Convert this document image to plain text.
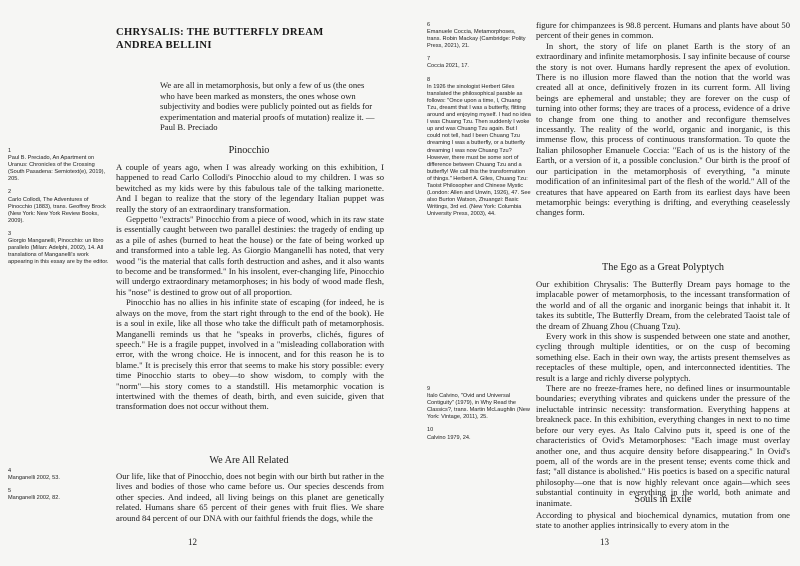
CHRYSALIS: THE BUTTERFLY DREAM
ANDREA BELLINI
We are all in metamorphosis, but only a few of us (the ones who have been marked as monsters, the ones whose own subjectivity and bodies were publicly pointed out as fields for experimentation and material proofs of mutation) realize it. —Paul B. Preciado
1
Paul B. Preciado, An Apartment on Uranus: Chronicles of the Crossing (South Pasadena: Semiotext(e), 2019), 205.
2
Carlo Collodi, The Adventures of Pinocchio (1883), trans. Geoffrey Brock (New York: New York Review Books, 2009).
3
Giorgio Manganelli, Pinocchio: un libro parallelo (Milan: Adelphi, 2002), 14. All translations of Manganelli's work appearing in this essay are by the editor.
4
Manganelli 2002, 53.
5
Manganelli 2002, 82.
Pinocchio

A couple of years ago, when I was already working on this exhibition, I happened to read Carlo Collodi's Pinocchio aloud to my children. I was so bewitched as my kids were by this fabulous tale of the talking marionette. And I began to realize that the story of the legendary Italian puppet was really the story of an extraordinary transformation.

Geppetto "extracts" Pinocchio from a piece of wood, which in its raw state is essentially caught between two parallel destinies: the tragedy of ending up as a pile of ashes (burned to heat the house) or the fate of being worked up and transformed into a table leg. As Giorgio Manganelli has noted, that very wood "is the material that calls forth destruction and ashes, and it also wants to become and be transformed." In his insolent, ever-changing life, Pinocchio will undergo extraordinary metamorphoses; in his body of wood made flesh, his "nose" is destined to grow out of all proportion.

Pinocchio has no allies in his infinite state of escaping (for indeed, he is always on the move, from the start right through to the end of the book). He is a soul in exile, like all those who take the difficult path of metamorphosis. Manganelli reminds us that he "speaks in proverbs, clichés, figures of speech." He is a fragile puppet, involved in a "misleading collaboration with error, with the wrong choice. He is innocent, and for this reason he is to blame." It is precisely this error that seems to make his story possible: every time Pinocchio starts to obey—to show wisdom, to comply with the "norm"—his story comes to a standstill. His metamorphic vocation is intertwined with the themes of death, birth, and even suicide, given that transformation does not occur without them.

We Are All Related

Our life, like that of Pinocchio, does not begin with our birth but rather in the lives and bodies of those who came before us. Our species descends from other species. And indeed, all living beings on this planet are genetically related. Humans share 65 percent of their genes with fruit flies. We share around 84 percent of our DNA with our faithful friends the dogs, while the

12
6
Emanuele Coccia, Metamorphoses, trans. Robin Mackay (Cambridge: Polity Press, 2021), 21.
7
Coccia 2021, 17.
8
In 1926 the sinologist Herbert Giles translated the philosophical parable as follows: "Once upon a time, I, Chuang Tzu, dreamt that I was a butterfly, flitting around and enjoying myself. I had no idea I was Chuang Tzu. Then suddenly I woke up and was Chuang Tzu again. But I could not tell, had I been Chuang Tzu dreaming I was a butterfly, or a butterfly dreaming I was now Chuang Tzu? However, there must be some sort of difference between Chuang Tzu and a butterfly! We call this the transformation of things." Herbert A. Giles, Chuang Tzu: Taoist Philosopher and Chinese Mystic (London: Allen and Unwin, 1926), 47. See also Burton Watson, Zhuangzi: Basic Writings, 3rd ed. (New York: Columbia University Press, 2003), 44.
9
Italo Calvino, "Ovid and Universal Contiguity" (1979), in Why Read the Classics?, trans. Martin McLaughlin (New York: Vintage, 2011), 25.
10
Calvino 1979, 24.

figure for chimpanzees is 98.8 percent. Humans and plants have about 50 percent of their genes in common.

In short, the story of life on planet Earth is the story of an extraordinary and infinite metamorphosis. I say infinite because of course the story is not over. Humans hardly represent the apex of evolution. There is no illusion more flawed than the notion that the world was created all at once, definitively frozen in its current form. All living beings are ephemeral and unstable; they are forever on the cusp of turning into other forms; they are traces of a process, evidence of a drive to change from one thing to another and reconfigure themselves incessantly. The reality of the world, organic and inorganic, is this immense flow, this process of continuous transformation. To quote the Italian philosopher Emanuele Coccia: "Each of us is the history of the Earth, or a version of it, a possible conclusion." Our birth is the proof of our participation in the metamorphosis of everything, "a minute modification of an infinitesimal part of the flesh of the world." All of the creatures that have appeared on Earth from its earliest days have been metamorphic beings: everything is drifting, and everything ceaselessly changes form.

The Ego as a Great Polyptych

Our exhibition Chrysalis: The Butterfly Dream pays homage to the implacable power of metamorphosis, to the incessant transformation of the world and of all the organic and inorganic beings that inhabit it. It takes its subtitle, The Butterfly Dream, from the celebrated Taoist tale of the dream of Zhuang Zhou (Chuang Tzu).

Every work in this show is suspended between one state and another, cycling through multiple identities, or on the cusp of becoming something else. Each in their own way, the artists present themselves as receptacles of these multiple, open, and interconnected identities. The result is a large and richly diverse polyptych.

There are no freeze-frames here, no defined lines or insurmountable boundaries; everything vibrates and quickens under the pressure of the ineluctable intrinsic necessity: transformation. Everything happens at breakneck pace. In this exhibition, everything changes in next to no time before our very eyes. As Italo Calvino puts it, speed is one of the characteristics of Ovid's Metamorphoses: "Each image must overlay another one, and thus acquire density before disappearing." In Ovid's poem, all of the words are in the present tense; events come thick and fast; "all distance is abolished." His poetics is based on a specific natural philosophy—one that is now highly relevant once again—which sees substantial continuity in everything in the world, both animate and inanimate.	Souls in Exile

According to physical and biochemical dynamics, mutation from one state to another applies intrinsically to every atom in the

13
